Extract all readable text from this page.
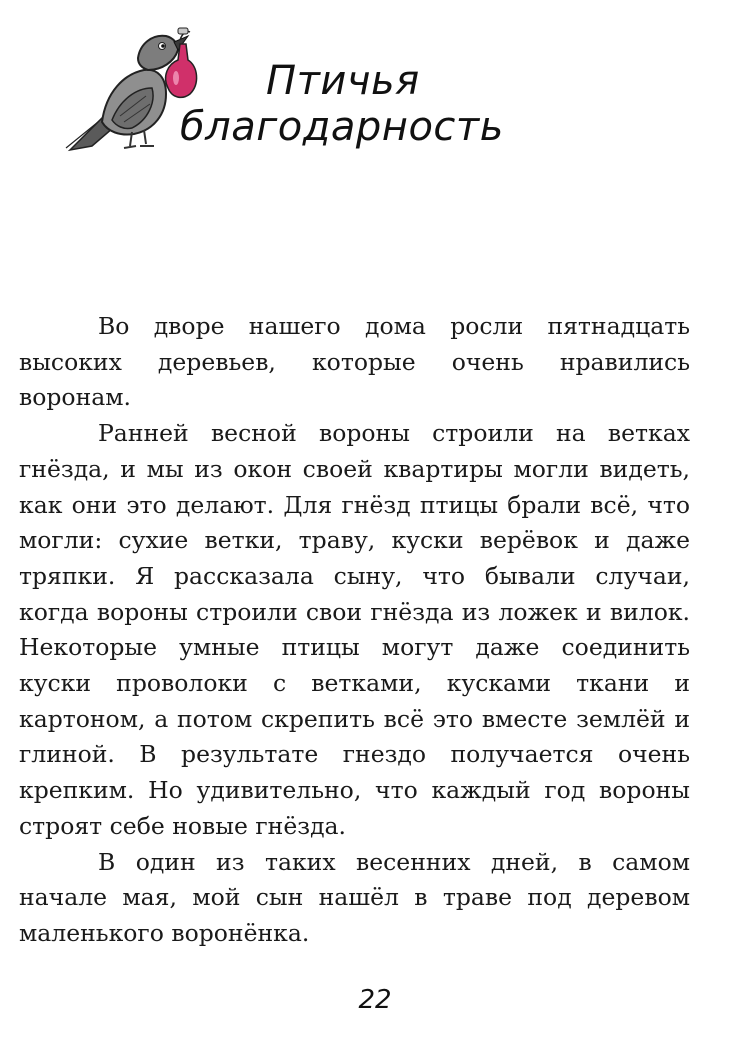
Птичья
благодарность

Во дворе нашего дома росли пятнадцать высоких деревьев, которые очень нравились воронам.

Ранней весной вороны строили на ветках гнёзда, и мы из окон своей квартиры могли видеть, как они это делают. Для гнёзд птицы брали всё, что могли: сухие ветки, траву, куски верёвок и даже тряпки. Я рассказала сыну, что бывали случаи, когда вороны строили свои гнёзда из ложек и вилок. Некоторые умные птицы могут даже соединить куски проволоки с ветками, кусками ткани и картоном, а потом скрепить всё это вместе землёй и глиной. В результате гнездо получается очень крепким. Но удивительно, что каждый год вороны строят себе новые гнёзда.

В один из таких весенних дней, в самом начале мая, мой сын нашёл в траве под деревом маленького воронёнка.

22
